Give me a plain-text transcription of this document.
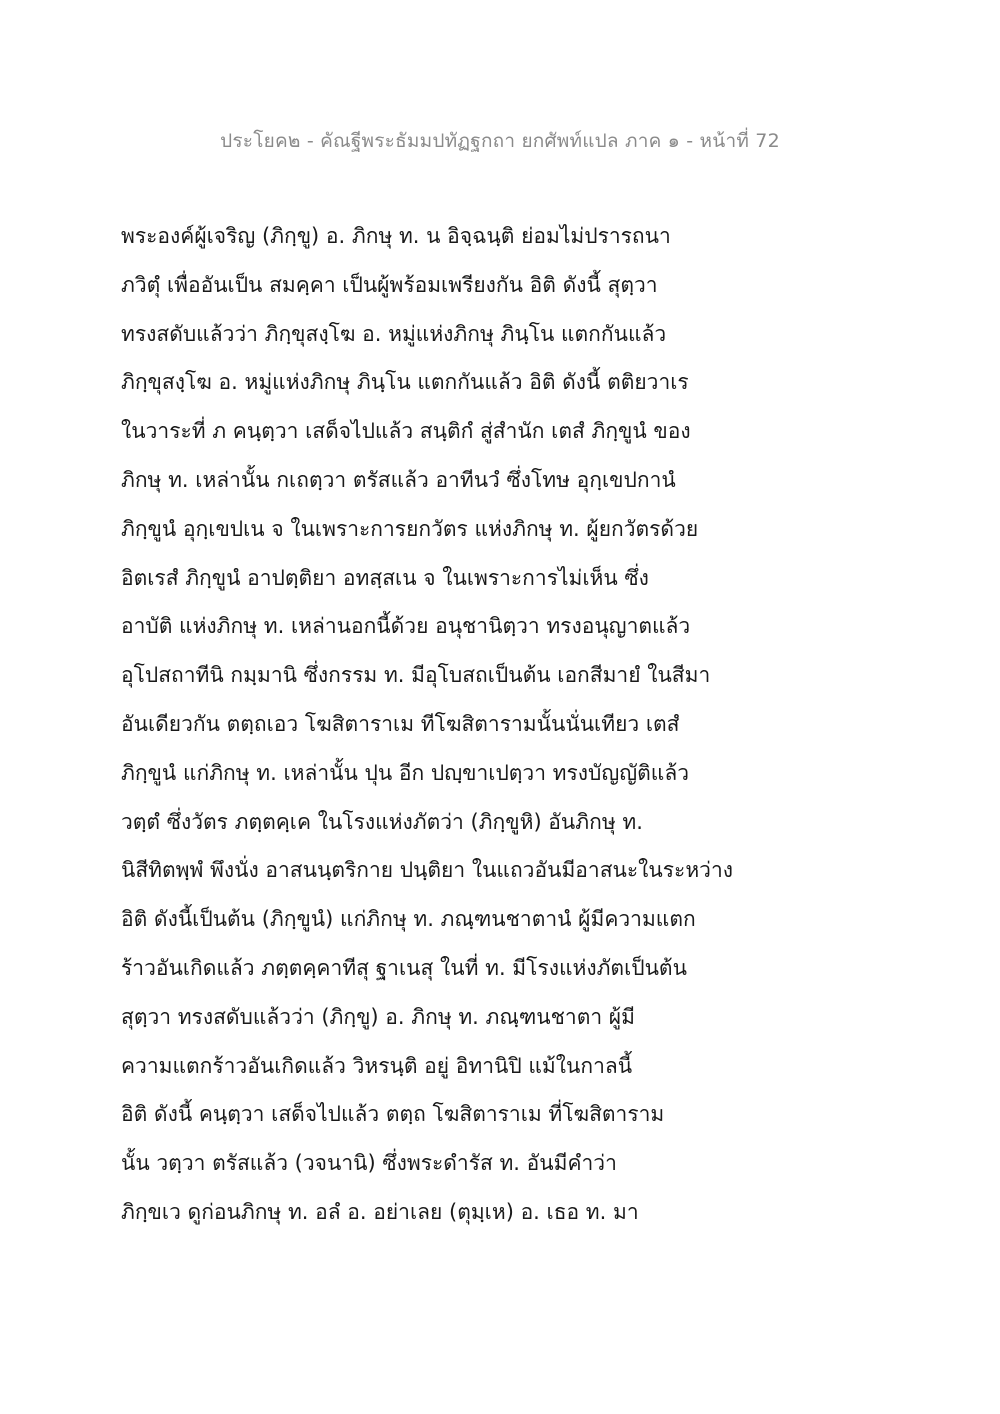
ประโยค๒ - คัณฐีพระธัมมปทัฏฐกถา ยกศัพท์แปล ภาค ๑ - หน้าที่ 72
พระองค์ผู้เจริญ (ภิกฺขู) อ. ภิกษุ ท. น อิจฺฉนฺติ ย่อมไม่ปรารถนา
ภวิตุํ เพื่ออันเป็น สมคฺคา เป็นผู้พร้อมเพรียงกัน อิติ ดังนี้ สุตฺวา
ทรงสดับแล้วว่า ภิกฺขุสงฺโฆ อ. หมู่แห่งภิกษุ ภินฺโน แตกกันแล้ว
ภิกฺขุสงฺโฆ อ. หมู่แห่งภิกษุ ภินฺโน แตกกันแล้ว อิติ ดังนี้ ตติยวาเร
ในวาระที่ ภ คนฺตฺวา เสด็จไปแล้ว สนฺติกํ สู่สำนัก เตสํ ภิกฺขูนํ ของ
ภิกษุ ท. เหล่านั้น กเถตฺวา ตรัสแล้ว อาทีนวํ ซึ่งโทษ อุกฺเขปกานํ
ภิกฺขูนํ อุกฺเขปเน จ ในเพราะการยกวัตร แห่งภิกษุ ท. ผู้ยกวัตรด้วย
อิตเรสํ ภิกฺขูนํ อาปตฺติยา อทสฺสเน จ ในเพราะการไม่เห็น ซึ่ง
อาบัติ แห่งภิกษุ ท. เหล่านอกนี้ด้วย อนุชานิตฺวา ทรงอนุญาตแล้ว
อุโปสถาทีนิ กมฺมานิ ซึ่งกรรม ท. มีอุโบสถเป็นต้น เอกสีมายํ ในสีมา
อันเดียวกัน ตตฺถเอว โฆสิตาราเม ทีโฆสิตารามนั้นนั่นเทียว เตสํ
ภิกฺขูนํ แก่ภิกษุ ท. เหล่านั้น ปุน อีก ปญฺขาเปตฺวา ทรงบัญญัติแล้ว
วตฺตํ ซึ่งวัตร ภตฺตคฺเค ในโรงแห่งภัตว่า (ภิกฺขูหิ) อันภิกษุ ท.
นิสีทิตพฺพํ พึงนั่ง อาสนนฺตริกาย ปนฺติยา ในแถวอันมีอาสนะในระหว่าง
อิติ ดังนี้เป็นต้น (ภิกฺขูนํ) แก่ภิกษุ ท. ภณฺฑนชาตานํ ผู้มีความแตก
ร้าวอันเกิดแล้ว ภตฺตคฺคาทีสุ ฐาเนสุ ในที่ ท. มีโรงแห่งภัตเป็นต้น
สุตฺวา ทรงสดับแล้วว่า (ภิกฺขู) อ. ภิกษุ ท. ภณฺฑนชาตา ผู้มี
ความแตกร้าวอันเกิดแล้ว วิหรนฺติ อยู่ อิทานิปิ แม้ในกาลนี้
อิติ ดังนี้ คนฺตฺวา เสด็จไปแล้ว ตตฺถ โฆสิตาราเม ที่โฆสิตาราม
นั้น วตฺวา ตรัสแล้ว (วจนานิ) ซึ่งพระดำรัส ท. อันมีคำว่า
ภิกฺขเว ดูก่อนภิกษุ ท. อลํ อ. อย่าเลย (ตุมฺเห) อ. เธอ ท. มา
